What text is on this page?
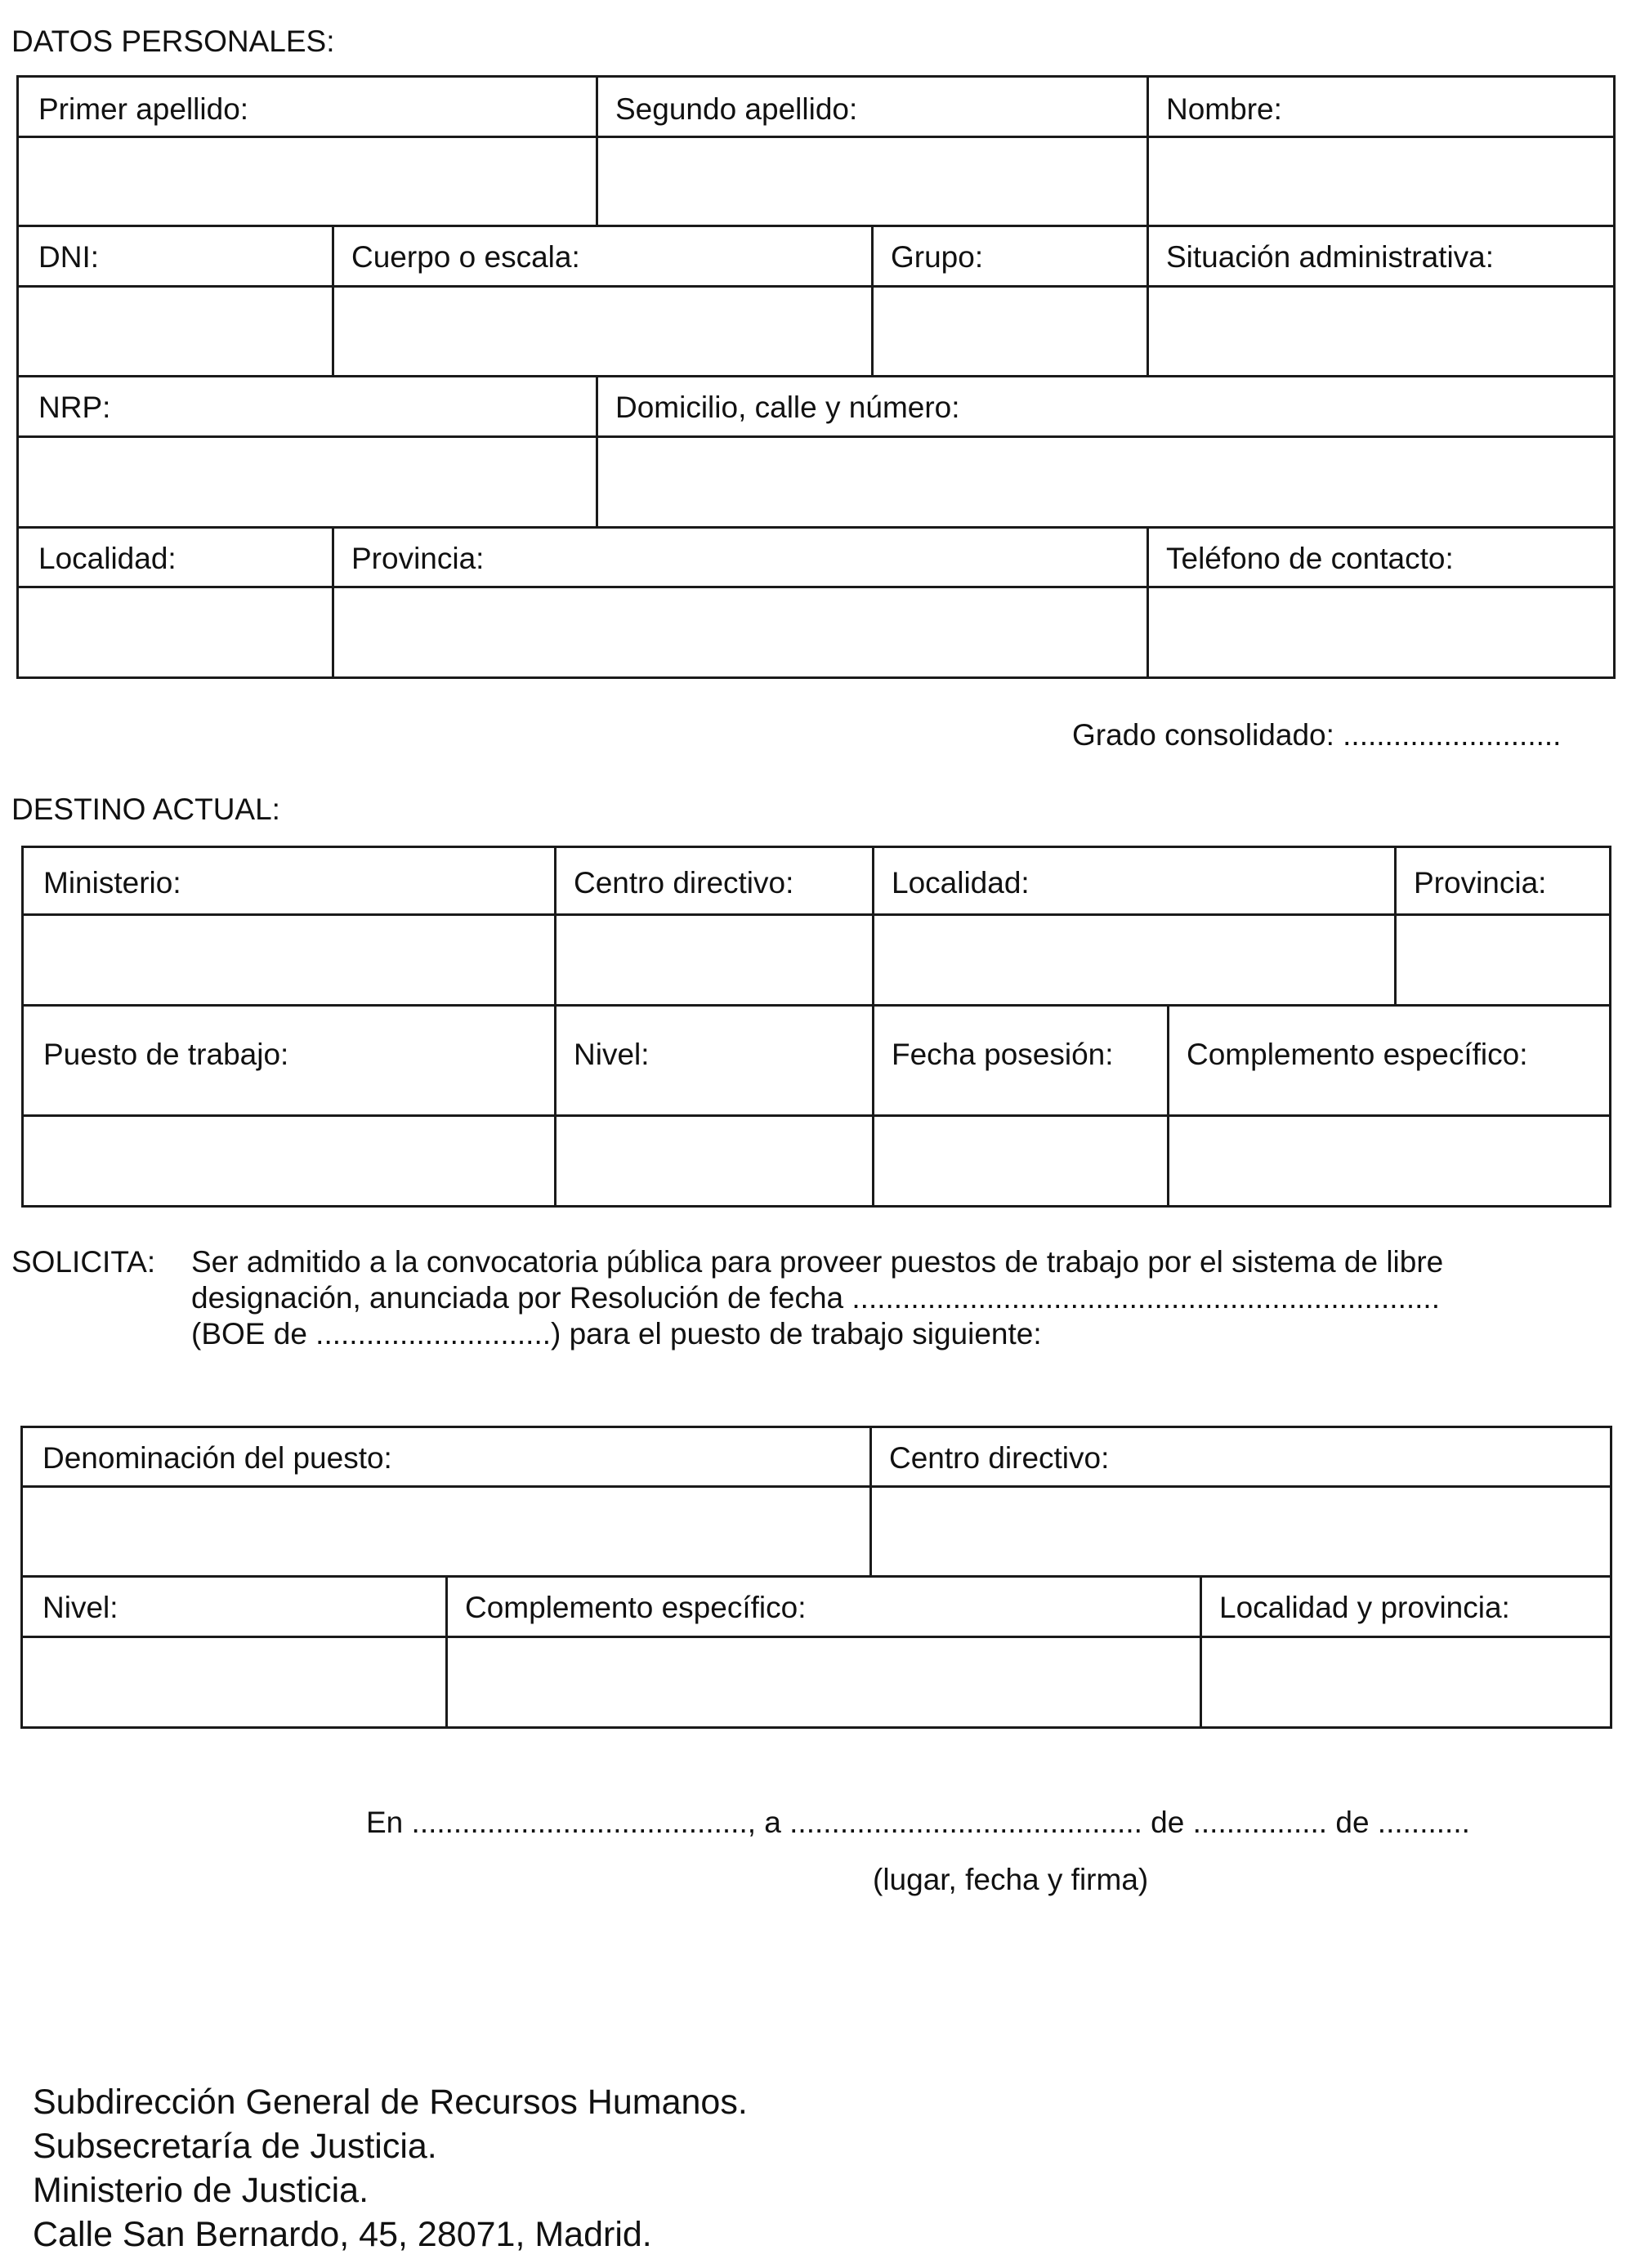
DATOS PERSONALES:
Primer apellido:	Segundo apellido:	Nombre:
DNI:	Cuerpo o escala:	Grupo:	Situación administrativa:
NRP:	Domicilio, calle y número:
Localidad:	Provincia:	Teléfono de contacto:
Grado consolidado: ..........................
DESTINO ACTUAL:
Ministerio:	Centro directivo:	Localidad:	Provincia:
Puesto de trabajo:	Nivel:	Fecha posesión: Complemento específico:
SOLICITA: Ser admitido a la convocatoria pública para proveer puestos de trabajo por el sistema de libre
designación, anunciada por Resolución de fecha ......................................................................
(BOE de ............................) para el puesto de trabajo siguiente:
Denominación del puesto:	Centro directivo:
Nivel:	Complemento específico:	Localidad y provincia:
En ........................................, a .......................................... de ................ de ...........
(lugar, fecha y firma)
Subdirección General de Recursos Humanos.
Subsecretaría de Justicia.
Ministerio de Justicia.
Calle San Bernardo, 45, 28071, Madrid.
